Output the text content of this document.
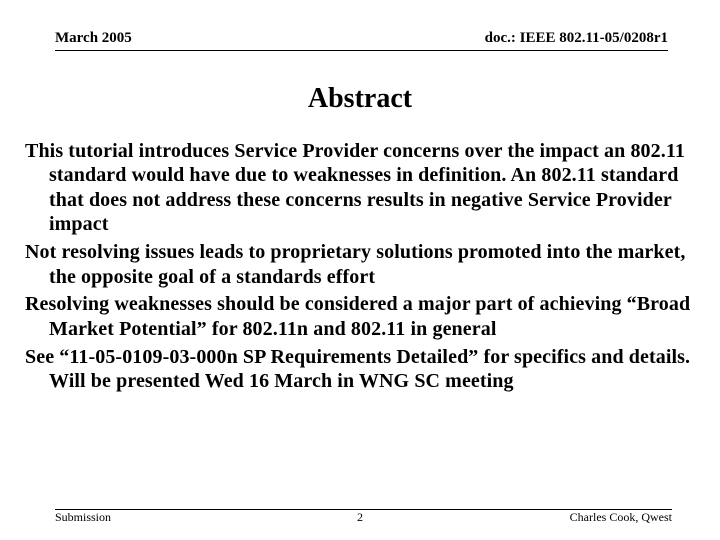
March 2005	doc.: IEEE 802.11-05/0208r1
Abstract
This tutorial introduces Service Provider concerns over the impact an 802.11 standard would have due to weaknesses in definition. An 802.11 standard that does not address these concerns results in negative Service Provider impact
Not resolving issues leads to proprietary solutions promoted into the market, the opposite goal of a standards effort
Resolving weaknesses should be considered a major part of achieving “Broad Market Potential” for 802.11n and 802.11 in general
See “11-05-0109-03-000n SP Requirements Detailed” for specifics and details. Will be presented Wed 16 March in WNG SC meeting
Submission	2	Charles Cook, Qwest
